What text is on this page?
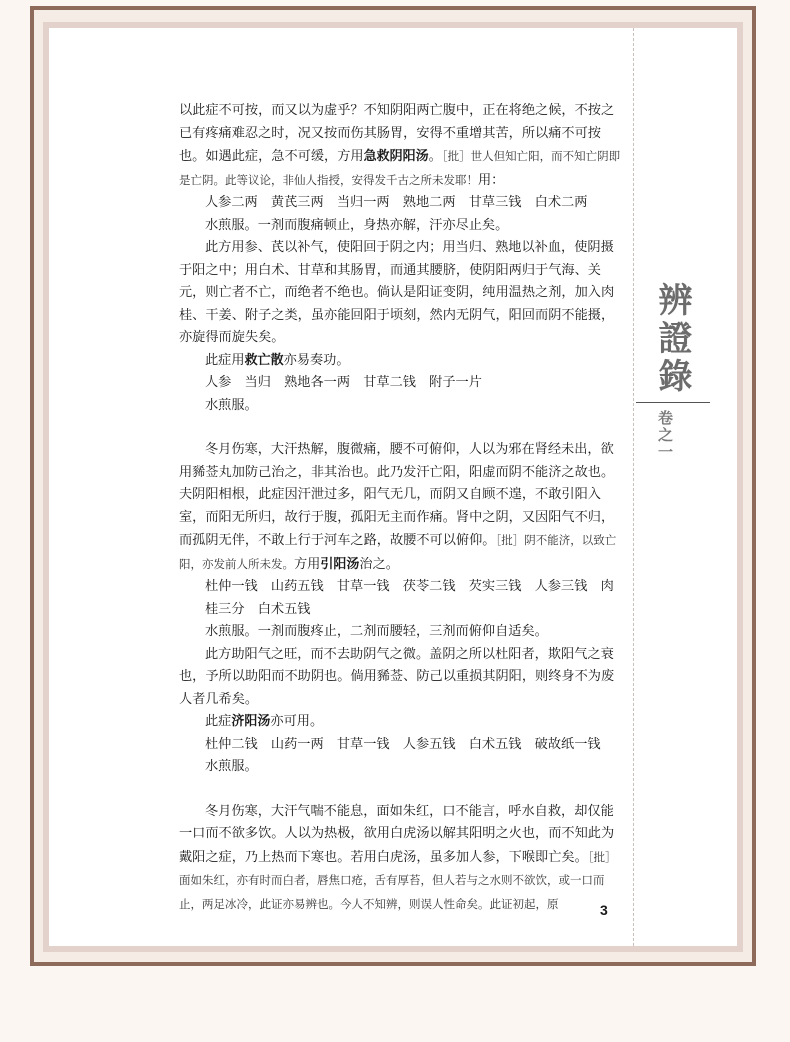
辨證錄
卷之一

以此症不可按，而又以为虚乎？不知阴阳两亡腹中，正在将绝之候，不按之已有疼痛难忍之时，况又按而伤其肠胃，安得不重增其苦，所以痛不可按也。如遇此症，急不可缓，方用急救阴阳汤。［批］世人但知亡阳，而不知亡阴即是亡阴。此等议论，非仙人指授，安得发千古之所未发耶！用：

人参二两　黄芪三两　当归一两　熟地二两　甘草三钱　白术二两

水煎服。一剂而腹痛顿止，身热亦解，汗亦尽止矣。

此方用参、芪以补气，使阳回于阴之内；用当归、熟地以补血，使阴摄于阳之中；用白术、甘草和其肠胃，而通其腰脐，使阴阳两归于气海、关元，则亡者不亡，而绝者不绝也。倘认是阳证变阴，纯用温热之剂，加入肉桂、干姜、附子之类，虽亦能回阳于顷刻，然内无阴气，阳回而阴不能摄，亦旋得而旋失矣。

此症用救亡散亦易奏功。

人参　当归　熟地各一两　甘草二钱　附子一片

水煎服。

冬月伤寒，大汗热解，腹微痛，腰不可俯仰，人以为邪在肾经未出，欲用豨莶丸加防己治之，非其治也。此乃发汗亡阳，阳虚而阴不能济之故也。夫阴阳相根，此症因汗泄过多，阳气无几，而阴又自顾不遑，不敢引阳入室，而阳无所归，故行于腹，孤阳无主而作痛。肾中之阴，又因阳气不归，而孤阴无伴，不敢上行于河车之路，故腰不可以俯仰。［批］阴不能济，以致亡阳，亦发前人所未发。方用引阳汤治之。

杜仲一钱　山药五钱　甘草一钱　茯苓二钱　芡实三钱　人参三钱　肉桂三分　白术五钱

水煎服。一剂而腹疼止，二剂而腰轻，三剂而俯仰自适矣。

此方助阳气之旺，而不去助阴气之微。盖阴之所以杜阳者，欺阳气之衰也，予所以助阳而不助阴也。倘用豨莶、防己以重损其阴阳，则终身不为废人者几希矣。

此症济阳汤亦可用。

杜仲二钱　山药一两　甘草一钱　人参五钱　白术五钱　破故纸一钱

水煎服。

冬月伤寒，大汗气喘不能息，面如朱红，口不能言，呼水自救，却仅能一口而不欲多饮。人以为热极，欲用白虎汤以解其阳明之火也，而不知此为戴阳之症，乃上热而下寒也。若用白虎汤，虽多加人参，下喉即亡矣。［批］面如朱红，亦有时而白者，唇焦口疮，舌有厚苔，但人若与之水则不欲饮，或一口而止，两足冰冷，此证亦易辨也。今人不知辨，则误人性命矣。此证初起，原	3
